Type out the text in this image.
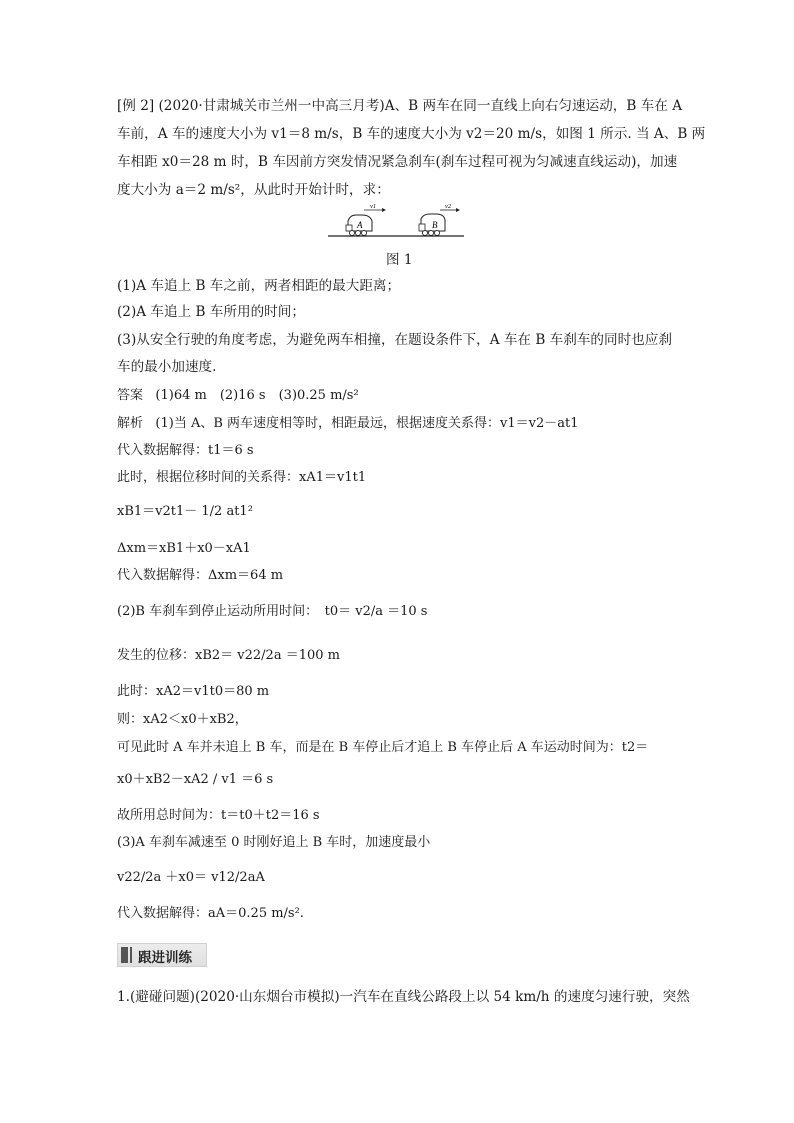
[例 2] (2020·甘肃城关市兰州一中高三月考)A、B 两车在同一直线上向右匀速运动，B 车在 A
车前，A 车的速度大小为 v1＝8 m/s，B 车的速度大小为 v2＝20 m/s，如图 1 所示. 当 A、B 两
车相距 x0＝28 m 时，B 车因前方突发情况紧急刹车(刹车过程可视为匀减速直线运动)，加速
度大小为 a＝2 m/s²，从此时开始计时，求：
A
v1
B
v2
图 1
(1)A 车追上 B 车之前，两者相距的最大距离；
(2)A 车追上 B 车所用的时间；
(3)从安全行驶的角度考虑，为避免两车相撞，在题设条件下，A 车在 B 车刹车的同时也应刹
车的最小加速度.
答案 (1)64 m　(2)16 s　(3)0.25 m/s²
解析 (1)当 A、B 两车速度相等时，相距最远，根据速度关系得：v1＝v2－at1
代入数据解得：t1＝6 s
此时，根据位移时间的关系得：xA1＝v1t1
xB1＝v2t1－ 1/2 at1²
Δxm＝xB1＋x0－xA1
代入数据解得：Δxm＝64 m
(2)B 车刹车到停止运动所用时间：　t0＝ v2/a ＝10 s
发生的位移：xB2＝ v22/2a ＝100 m
此时：xA2＝v1t0＝80 m
则：xA2＜x0＋xB2，
可见此时 A 车并未追上 B 车，而是在 B 车停止后才追上 B 车停止后 A 车运动时间为：t2＝
x0＋xB2－xA2 / v1 ＝6 s
故所用总时间为：t＝t0＋t2＝16 s
(3)A 车刹车减速至 0 时刚好追上 B 车时，加速度最小
v22/2a ＋x0＝ v12/2aA
代入数据解得：aA＝0.25 m/s².
跟进训练
1.(避碰问题)(2020·山东烟台市模拟)一汽车在直线公路段上以 54 km/h 的速度匀速行驶，突然
